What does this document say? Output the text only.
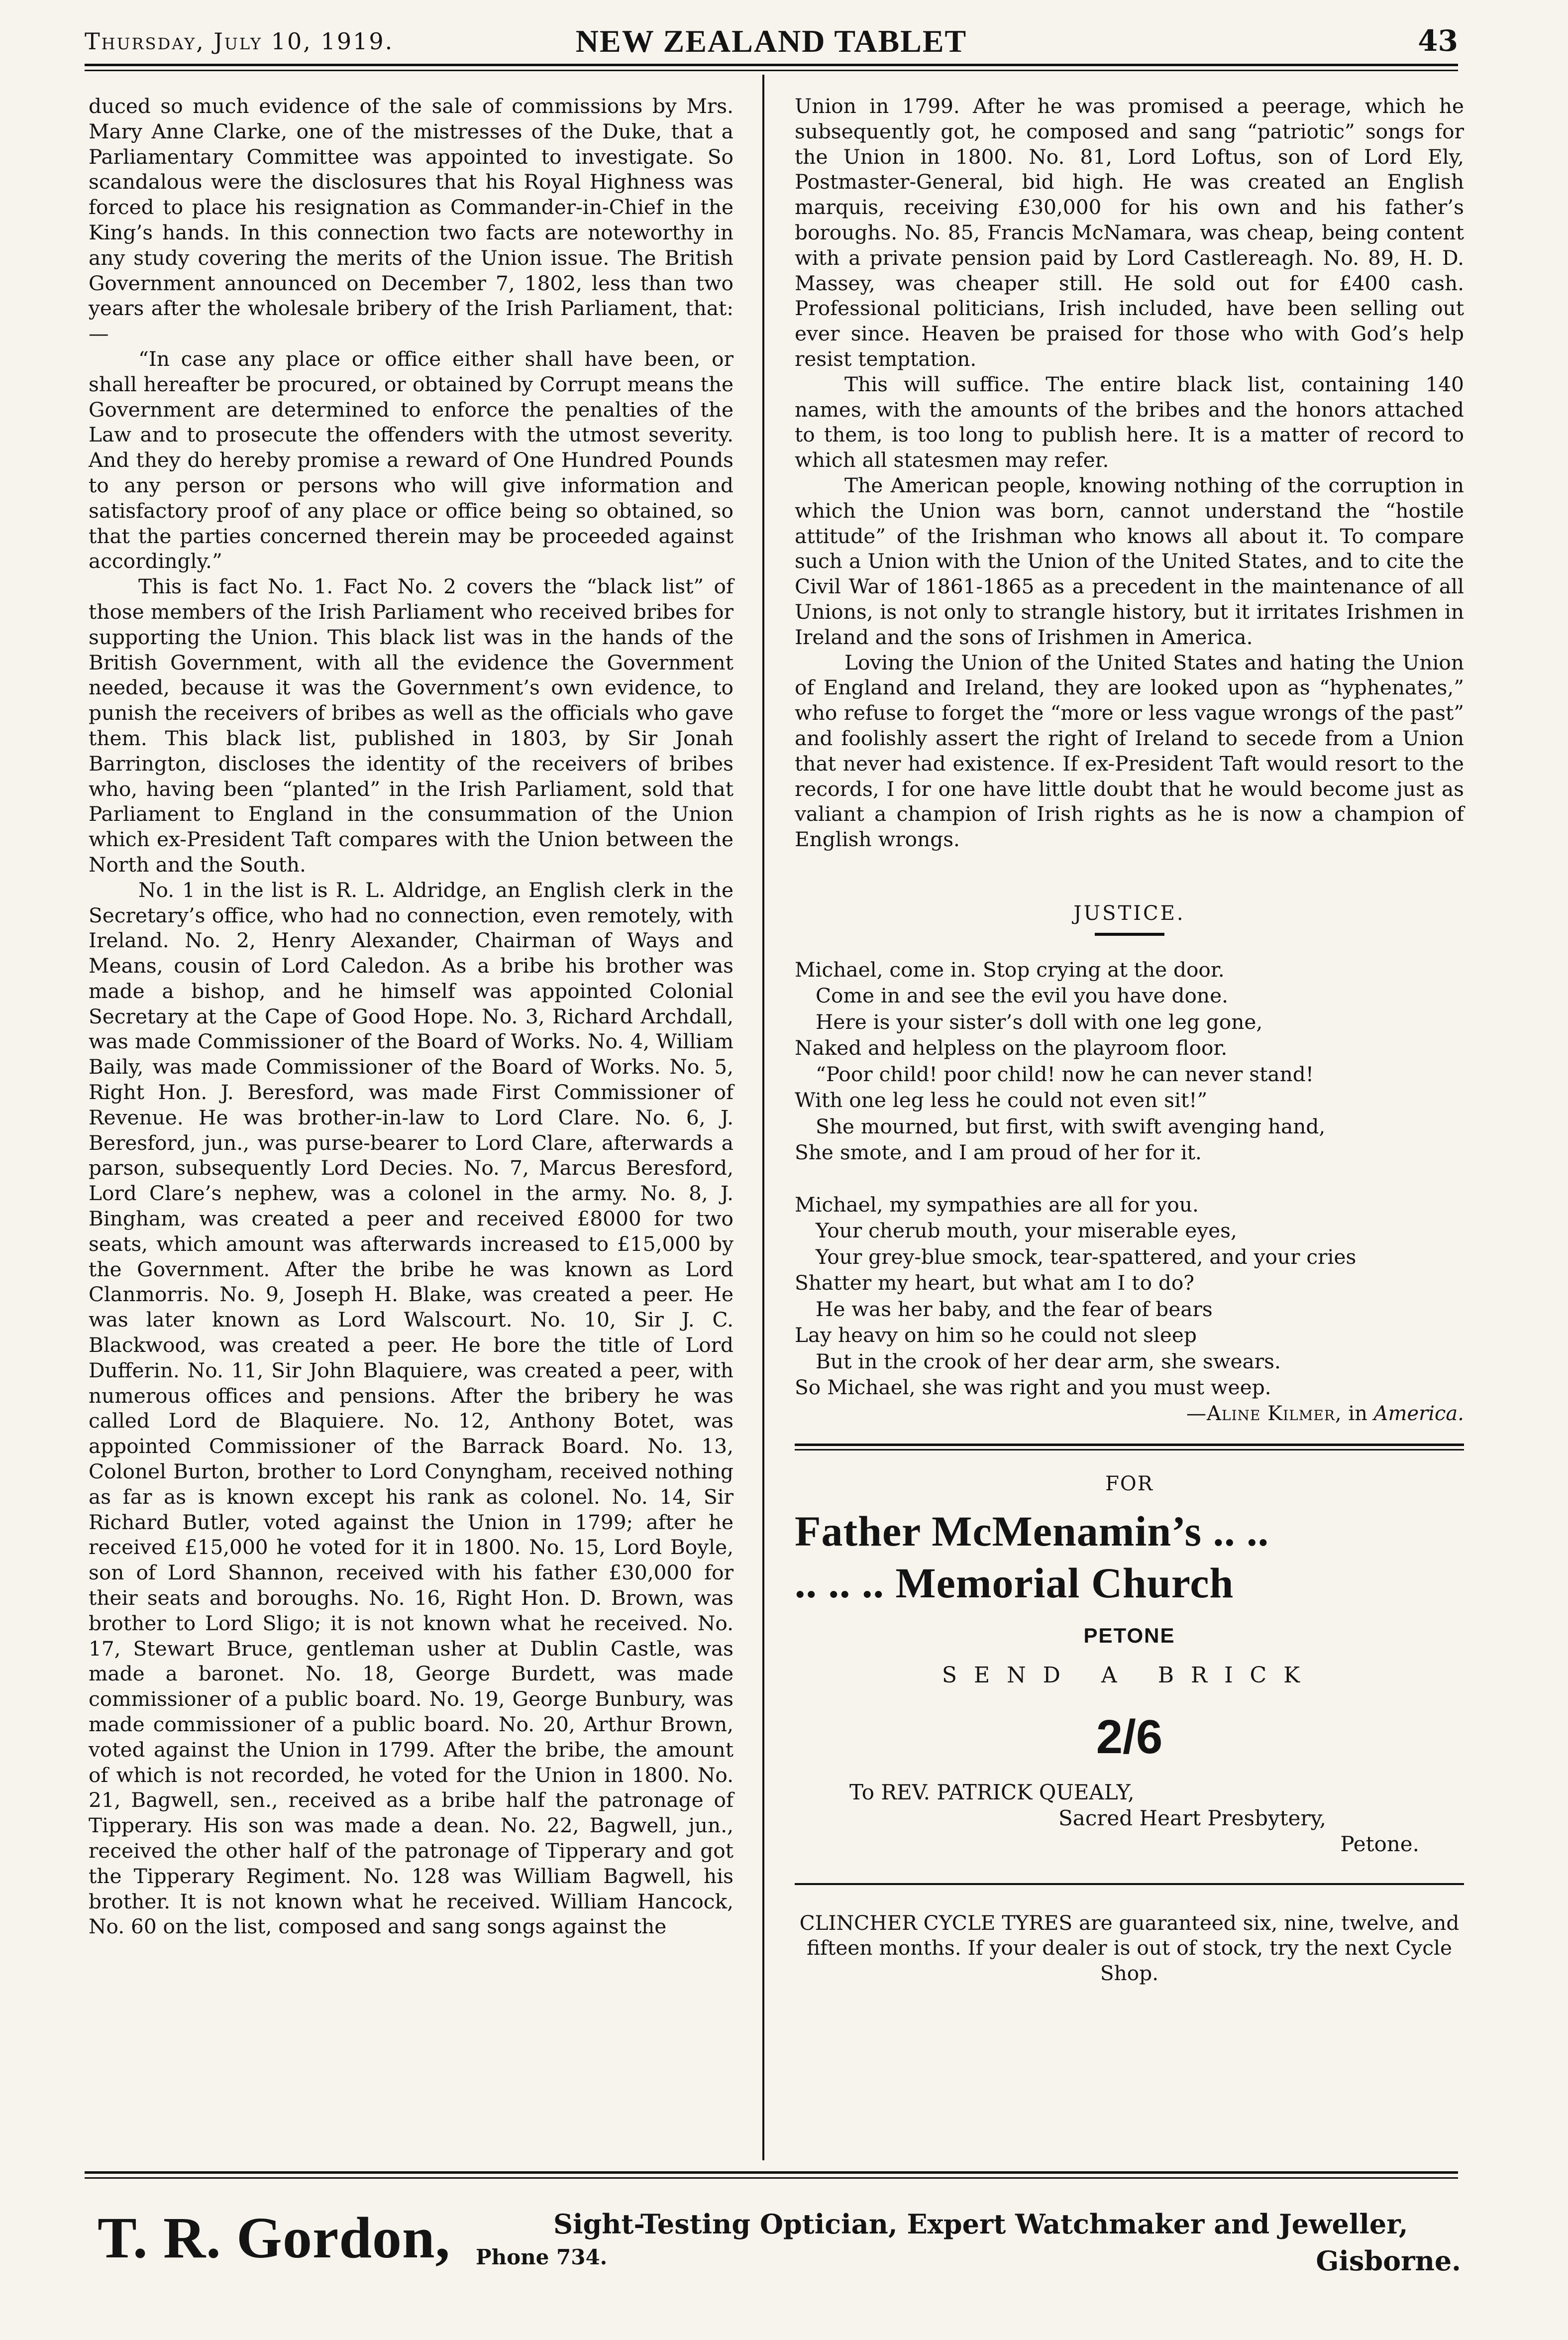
Thursday, July 10, 1919.	NEW ZEALAND TABLET	43

duced so much evidence of the sale of commissions by Mrs. Mary Anne Clarke, one of the mistresses of the Duke, that a Parliamentary Committee was appointed to investigate. So scandalous were the disclosures that his Royal Highness was forced to place his resignation as Commander-in-Chief in the King’s hands. In this connection two facts are noteworthy in any study covering the merits of the Union issue. The British Government announced on December 7, 1802, less than two years after the wholesale bribery of the Irish Parliament, that:—

“In case any place or office either shall have been, or shall hereafter be procured, or obtained by Corrupt means the Government are determined to enforce the penalties of the Law and to prosecute the offenders with the utmost severity. And they do hereby promise a reward of One Hundred Pounds to any person or persons who will give information and satisfactory proof of any place or office being so obtained, so that the parties concerned therein may be proceeded against accordingly.”

This is fact No. 1. Fact No. 2 covers the “black list” of those members of the Irish Parliament who received bribes for supporting the Union. This black list was in the hands of the British Government, with all the evidence the Government needed, because it was the Government’s own evidence, to punish the receivers of bribes as well as the officials who gave them. This black list, published in 1803, by Sir Jonah Barrington, discloses the identity of the receivers of bribes who, having been “planted” in the Irish Parliament, sold that Parliament to England in the consummation of the Union which ex-President Taft compares with the Union between the North and the South.

No. 1 in the list is R. L. Aldridge, an English clerk in the Secretary’s office, who had no connection, even remotely, with Ireland. No. 2, Henry Alexander, Chairman of Ways and Means, cousin of Lord Caledon. As a bribe his brother was made a bishop, and he himself was appointed Colonial Secretary at the Cape of Good Hope. No. 3, Richard Archdall, was made Commissioner of the Board of Works. No. 4, William Baily, was made Commissioner of the Board of Works. No. 5, Right Hon. J. Beresford, was made First Commissioner of Revenue. He was brother-in-law to Lord Clare. No. 6, J. Beresford, jun., was purse-bearer to Lord Clare, afterwards a parson, subsequently Lord Decies. No. 7, Marcus Beresford, Lord Clare’s nephew, was a colonel in the army. No. 8, J. Bingham, was created a peer and received £8000 for two seats, which amount was afterwards increased to £15,000 by the Government. After the bribe he was known as Lord Clanmorris. No. 9, Joseph H. Blake, was created a peer. He was later known as Lord Walscourt. No. 10, Sir J. C. Blackwood, was created a peer. He bore the title of Lord Dufferin. No. 11, Sir John Blaquiere, was created a peer, with numerous offices and pensions. After the bribery he was called Lord de Blaquiere. No. 12, Anthony Botet, was appointed Commissioner of the Barrack Board. No. 13, Colonel Burton, brother to Lord Conyngham, received nothing as far as is known except his rank as colonel. No. 14, Sir Richard Butler, voted against the Union in 1799; after he received £15,000 he voted for it in 1800. No. 15, Lord Boyle, son of Lord Shannon, received with his father £30,000 for their seats and boroughs. No. 16, Right Hon. D. Brown, was brother to Lord Sligo; it is not known what he received. No. 17, Stewart Bruce, gentleman usher at Dublin Castle, was made a baronet. No. 18, George Burdett, was made commissioner of a public board. No. 19, George Bunbury, was made commissioner of a public board. No. 20, Arthur Brown, voted against the Union in 1799. After the bribe, the amount of which is not recorded, he voted for the Union in 1800. No. 21, Bagwell, sen., received as a bribe half the patronage of Tipperary. His son was made a dean. No. 22, Bagwell, jun., received the other half of the patronage of Tipperary and got the Tipperary Regiment. No. 128 was William Bagwell, his brother. It is not known what he received. William Hancock, No. 60 on the list, composed and sang songs against the

Union in 1799. After he was promised a peerage, which he subsequently got, he composed and sang “patriotic” songs for the Union in 1800. No. 81, Lord Loftus, son of Lord Ely, Postmaster-General, bid high. He was created an English marquis, receiving £30,000 for his own and his father’s boroughs. No. 85, Francis McNamara, was cheap, being content with a private pension paid by Lord Castlereagh. No. 89, H. D. Massey, was cheaper still. He sold out for £400 cash. Professional politicians, Irish included, have been selling out ever since. Heaven be praised for those who with God’s help resist temptation.

This will suffice. The entire black list, containing 140 names, with the amounts of the bribes and the honors attached to them, is too long to publish here. It is a matter of record to which all statesmen may refer.

The American people, knowing nothing of the corruption in which the Union was born, cannot understand the “hostile attitude” of the Irishman who knows all about it. To compare such a Union with the Union of the United States, and to cite the Civil War of 1861-1865 as a precedent in the maintenance of all Unions, is not only to strangle history, but it irritates Irishmen in Ireland and the sons of Irishmen in America.

Loving the Union of the United States and hating the Union of England and Ireland, they are looked upon as “hyphenates,” who refuse to forget the “more or less vague wrongs of the past” and foolishly assert the right of Ireland to secede from a Union that never had existence. If ex-President Taft would resort to the records, I for one have little doubt that he would become just as valiant a champion of Irish rights as he is now a champion of English wrongs.

JUSTICE.

Michael, come in. Stop crying at the door.
Come in and see the evil you have done.
Here is your sister’s doll with one leg gone,
Naked and helpless on the playroom floor.
“Poor child! poor child! now he can never stand!
With one leg less he could not even sit!”
She mourned, but first, with swift avenging hand,
She smote, and I am proud of her for it.
Michael, my sympathies are all for you.
Your cherub mouth, your miserable eyes,
Your grey-blue smock, tear-spattered, and your cries
Shatter my heart, but what am I to do?
He was her baby, and the fear of bears
Lay heavy on him so he could not sleep
But in the crook of her dear arm, she swears.
So Michael, she was right and you must weep.
—Aline Kilmer, in America.
FOR
Father McMenamin’s .. ..
.. .. .. Memorial Church
PETONE
SEND A BRICK
2/6
To REV. PATRICK QUEALY,
Sacred Heart Presbytery,
Petone.

CLINCHER CYCLE TYRES are guaranteed six, nine, twelve, and fifteen months. If your dealer is out of stock, try the next Cycle Shop.

T. R. Gordon,	Sight-Testing Optician, Expert Watchmaker and Jeweller,
Phone 734.	Gisborne.
